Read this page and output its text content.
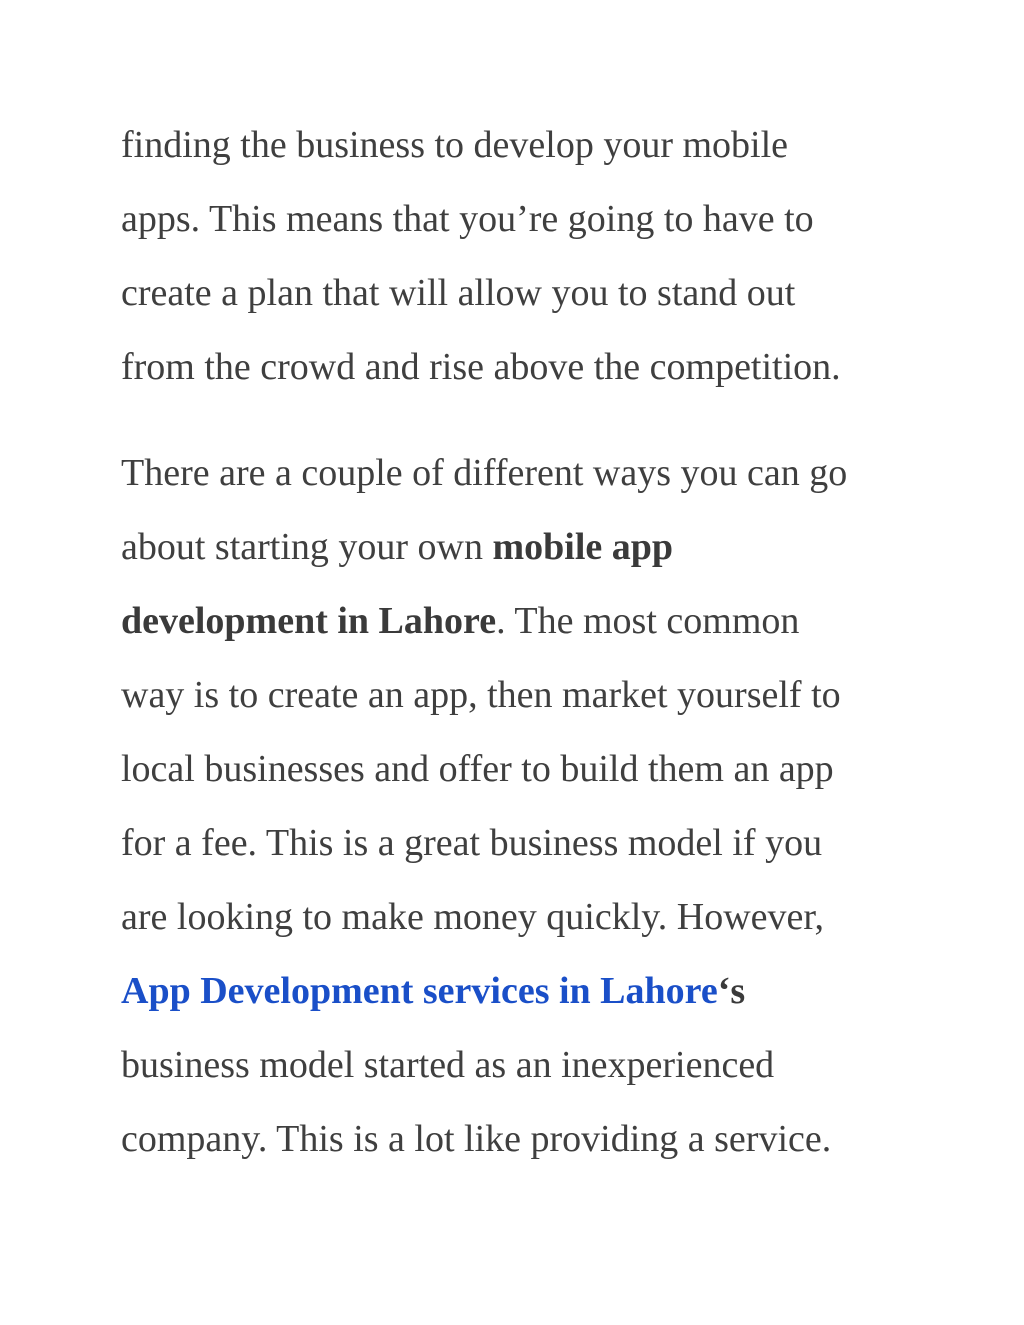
finding the business to develop your mobile
apps. This means that you’re going to have to
create a plan that will allow you to stand out
from the crowd and rise above the competition.
There are a couple of different ways you can go
about starting your own mobile app
development in Lahore. The most common
way is to create an app, then market yourself to
local businesses and offer to build them an app
for a fee. This is a great business model if you
are looking to make money quickly. However,
App Development services in Lahore‘s
business model started as an inexperienced
company. This is a lot like providing a service.
